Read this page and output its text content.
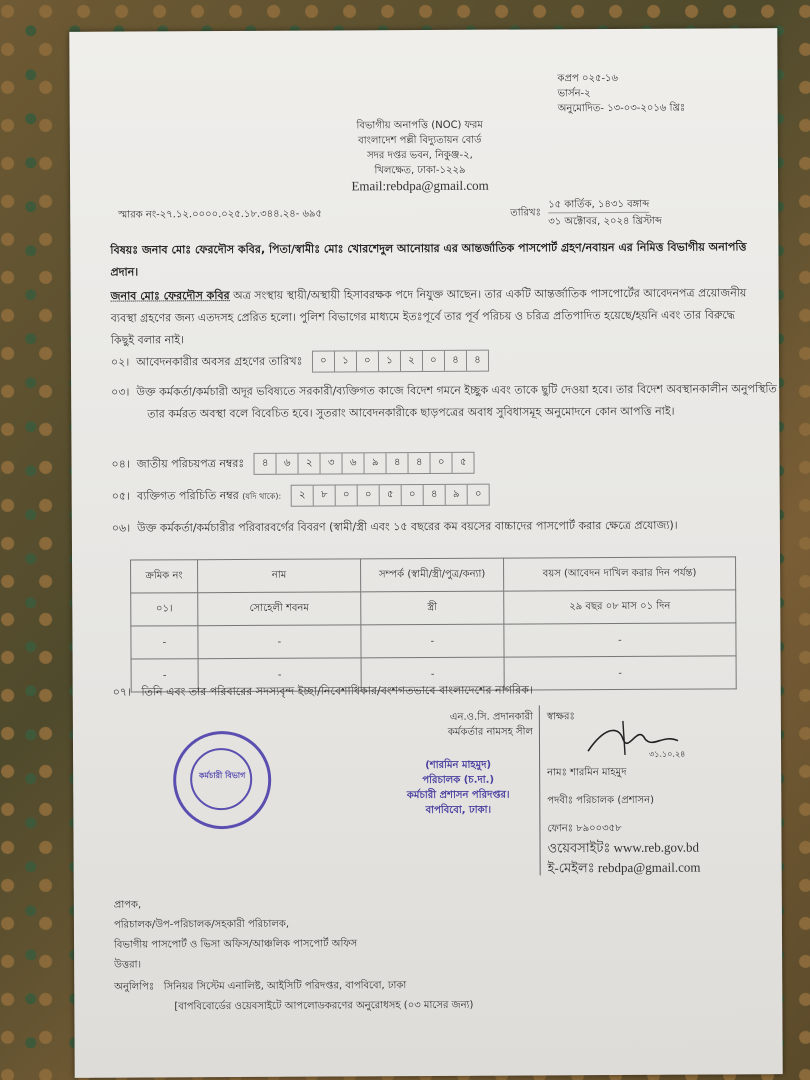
কপ্রপ ০২৫-১৬
ভার্সন-২
অনুমোদিত- ১৩-০৩-২০১৬ খ্রিঃ
বিভাগীয় অনাপত্তি (NOC) ফরম
বাংলাদেশ পল্লী বিদ্যুতায়ন বোর্ড
সদর দপ্তর ভবন, নিকুঞ্জ-২,
খিলক্ষেত, ঢাকা-১২২৯
Email:rebdpa@gmail.com
স্মারক নং-২৭.১২.০০০০.০২৫.১৮.৩৪৪.২৪- ৬৯৫	তারিখঃ
১৫ কার্তিক, ১৪৩১ বঙ্গাব্দ
৩১ অক্টোবর, ২০২৪ খ্রিস্টাব্দ
বিষয়ঃ জনাব মোঃ ফেরদৌস কবির, পিতা/স্বামীঃ মোঃ খোরশেদুল আনোয়ার এর আন্তর্জাতিক পাসপোর্ট গ্রহণ/নবায়ন এর নিমিত্ত বিভাগীয় অনাপত্তি প্রদান।
জনাব মোঃ ফেরদৌস কবির অত্র সংস্থায় স্থায়ী/অস্থায়ী হিসাবরক্ষক পদে নিযুক্ত আছেন। তার একটি আন্তর্জাতিক পাসপোর্টের আবেদনপত্র প্রয়োজনীয় ব্যবস্থা গ্রহণের জন্য এতদসহ প্রেরিত হলো। পুলিশ বিভাগের মাধ্যমে ইতঃপূর্বে তার পূর্ব পরিচয় ও চরিত্র প্রতিপাদিত হয়েছে/হয়নি এবং তার বিরুদ্ধে কিছুই বলার নাই।
০২। আবেদনকারীর অবসর গ্রহণের তারিখঃ	০	১	০	১	২	০	৪	৪
০৩। উক্ত কর্মকর্তা/কর্মচারী অদূর ভবিষ্যতে সরকারী/ব্যক্তিগত কাজে বিদেশ গমনে ইচ্ছুক এবং তাকে ছুটি দেওয়া হবে। তার বিদেশ অবস্থানকালীন অনুপস্থিতি তার কর্মরত অবস্থা বলে বিবেচিত হবে। সুতরাং আবেদনকারীকে ছাড়পত্রের অবাধ সুবিধাসমূহ অনুমোদনে কোন আপত্তি নাই।
০৪। জাতীয় পরিচয়পত্র নম্বরঃ	৪	৬	২	৩	৬	৯	৪	৪	০	৫
০৫। ব্যক্তিগত পরিচিতি নম্বর (যদি থাকে):	২	৮	০	০	৫	০	৪	৯	০
০৬। উক্ত কর্মকর্তা/কর্মচারীর পরিবারবর্গের বিবরণ (স্বামী/স্ত্রী এবং ১৫ বছরের কম বয়সের বাচ্চাদের পাসপোর্ট করার ক্ষেত্রে প্রযোজ্য)।
ক্রমিক নং	নাম	সম্পর্ক (স্বামী/স্ত্রী/পুত্র/কন্যা)	বয়স (আবেদন দাখিল করার দিন পর্যন্ত)
০১।	সোহেলী শবনম	স্ত্রী	২৯ বছর ০৮ মাস ০১ দিন
-	-	-	-
-	-	-	-
০৭। তিনি এবং তার পরিবারের সদস্যবৃন্দ ইচ্ছা/নিবেশাধিকার/বংশগতভাবে বাংলাদেশের নাগরিক।
কর্মচারী বিভাগ
এন.ও.সি. প্রদানকারী
কর্মকর্তার নামসহ সীল
(শারমিন মাহমুদ)
পরিচালক (চ.দা.)
কর্মচারী প্রশাসন পরিদপ্তর।
বাপবিবো, ঢাকা।
স্বাক্ষরঃ
৩১.১০.২৪
নামঃ শারমিন মাহমুদ
পদবীঃ পরিচালক (প্রশাসন)
ফোনঃ ৮৯০০৩৫৮
ওয়েবসাইটঃ www.reb.gov.bd
ই-মেইলঃ rebdpa@gmail.com
প্রাপক,
পরিচালক/উপ-পরিচালক/সহকারী পরিচালক,
বিভাগীয় পাসপোর্ট ও ভিসা অফিস/আঞ্চলিক পাসপোর্ট অফিস
উত্তরা।
অনুলিপিঃ সিনিয়র সিস্টেম এনালিষ্ট, আইসিটি পরিদপ্তর, বাপবিবো, ঢাকা
[বাপবিবোর্ডের ওয়েবসাইটে আপলোডকরণের অনুরোধসহ (০৩ মাসের জন্য)
